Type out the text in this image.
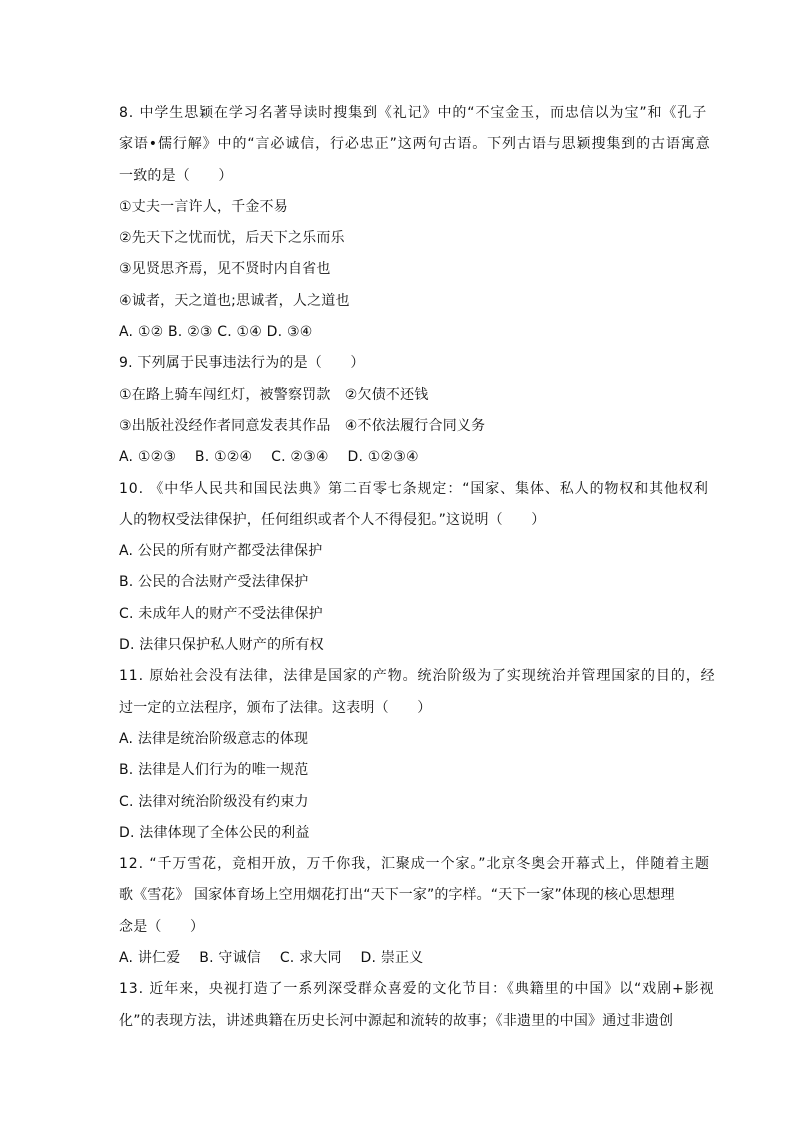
8. 中学生思颖在学习名著导读时搜集到《礼记》中的“不宝金玉，而忠信以为宝”和《孔子
家语•儒行解》中的“言必诚信，行必忠正”这两句古语。下列古语与思颖搜集到的古语寓意
一致的是（　　）
①丈夫一言许人，千金不易
②先天下之忧而忧，后天下之乐而乐
③见贤思齐焉，见不贤时内自省也
④诚者，天之道也;思诚者，人之道也
A. ①② B. ②③ C. ①④ D. ③④
9. 下列属于民事违法行为的是（　　）
①在路上骑车闯红灯，被警察罚款　②欠债不还钱
③出版社没经作者同意发表其作品　④不依法履行合同义务
A. ①②③　 B. ①②④　 C. ②③④　 D. ①②③④
10. 《中华人民共和国民法典》第二百零七条规定：“国家、集体、私人的物权和其他权利
人的物权受法律保护，任何组织或者个人不得侵犯。”这说明（　　）
A. 公民的所有财产都受法律保护
B. 公民的合法财产受法律保护
C. 未成年人的财产不受法律保护
D. 法律只保护私人财产的所有权
11. 原始社会没有法律，法律是国家的产物。统治阶级为了实现统治并管理国家的目的，经
过一定的立法程序，颁布了法律。这表明（　　）
A. 法律是统治阶级意志的体现
B. 法律是人们行为的唯一规范
C. 法律对统治阶级没有约束力
D. 法律体现了全体公民的利益
12. “千万雪花，竞相开放，万千你我，汇聚成一个家。”北京冬奥会开幕式上，伴随着主题
歌《雪花》 国家体育场上空用烟花打出“天下一家”的字样。“天下一家”体现的核心思想理
念是（　　）
A. 讲仁爱　 B. 守诚信　 C. 求大同　 D. 崇正义
13. 近年来，央视打造了一系列深受群众喜爱的文化节目：《典籍里的中国》以“戏剧+影视
化”的表现方法，讲述典籍在历史长河中源起和流转的故事；《非遗里的中国》通过非遗创
